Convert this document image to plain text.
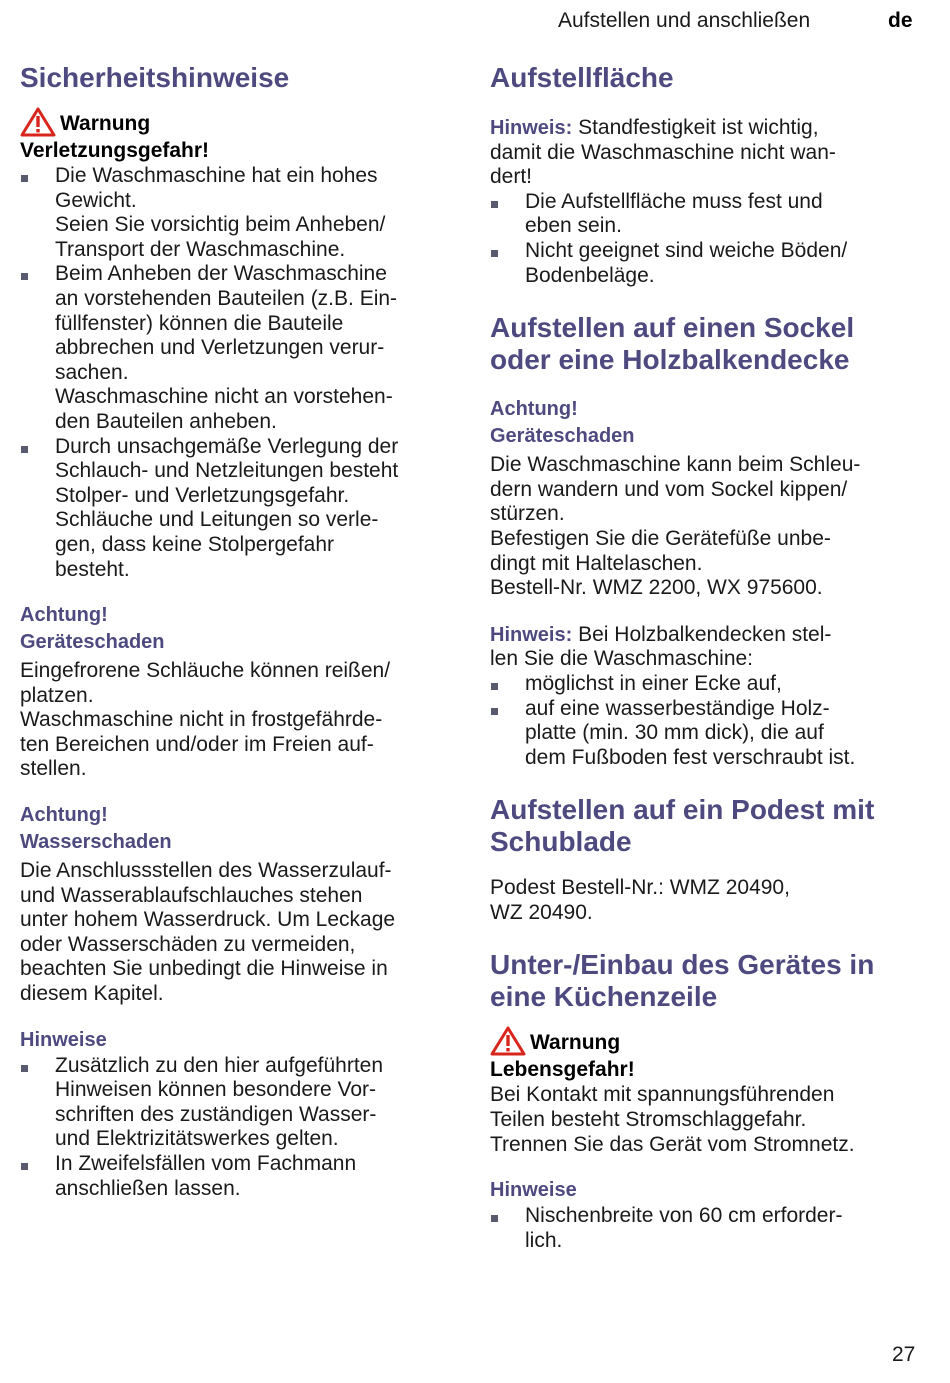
Aufstellen und anschließen	de
Sicherheitshinweise
Warnung
Verletzungsgefahr!
Die Waschmaschine hat ein hohes
Gewicht.
Seien Sie vorsichtig beim Anheben/
Transport der Waschmaschine.
Beim Anheben der Waschmaschine
an vorstehenden Bauteilen (z.B. Ein-
füllfenster) können die Bauteile
abbrechen und Verletzungen verur-
sachen.
Waschmaschine nicht an vorstehen-
den Bauteilen anheben.
Durch unsachgemäße Verlegung der
Schlauch- und Netzleitungen besteht
Stolper- und Verletzungsgefahr.
Schläuche und Leitungen so verle-
gen, dass keine Stolpergefahr
besteht.
Achtung!
Geräteschaden
Eingefrorene Schläuche können reißen/
platzen.
Waschmaschine nicht in frostgefährde-
ten Bereichen und/oder im Freien auf-
stellen.
Achtung!
Wasserschaden
Die Anschlussstellen des Wasserzulauf-
und Wasserablaufschlauches stehen
unter hohem Wasserdruck. Um Leckage
oder Wasserschäden zu vermeiden,
beachten Sie unbedingt die Hinweise in
diesem Kapitel.
Hinweise
Zusätzlich zu den hier aufgeführten
Hinweisen können besondere Vor-
schriften des zuständigen Wasser-
und Elektrizitätswerkes gelten.
In Zweifelsfällen vom Fachmann
anschließen lassen.
Aufstellfläche
Hinweis: Standfestigkeit ist wichtig,
damit die Waschmaschine nicht wan-
dert!
Die Aufstellfläche muss fest und
eben sein.
Nicht geeignet sind weiche Böden/
Bodenbeläge.
Aufstellen auf einen Sockel
oder eine Holzbalkendecke
Achtung!
Geräteschaden
Die Waschmaschine kann beim Schleu-
dern wandern und vom Sockel kippen/
stürzen.
Befestigen Sie die Gerätefüße unbe-
dingt mit Haltelaschen.
Bestell-Nr. WMZ 2200, WX 975600.
Hinweis: Bei Holzbalkendecken stel-
len Sie die Waschmaschine:
möglichst in einer Ecke auf,
auf eine wasserbeständige Holz-
platte (min. 30 mm dick), die auf
dem Fußboden fest verschraubt ist.
Aufstellen auf ein Podest mit
Schublade
Podest Bestell-Nr.: WMZ 20490,
WZ 20490.
Unter-/Einbau des Gerätes in
eine Küchenzeile
Warnung
Lebensgefahr!
Bei Kontakt mit spannungsführenden
Teilen besteht Stromschlaggefahr.
Trennen Sie das Gerät vom Stromnetz.
Hinweise
Nischenbreite von 60 cm erforder-
lich.
27
